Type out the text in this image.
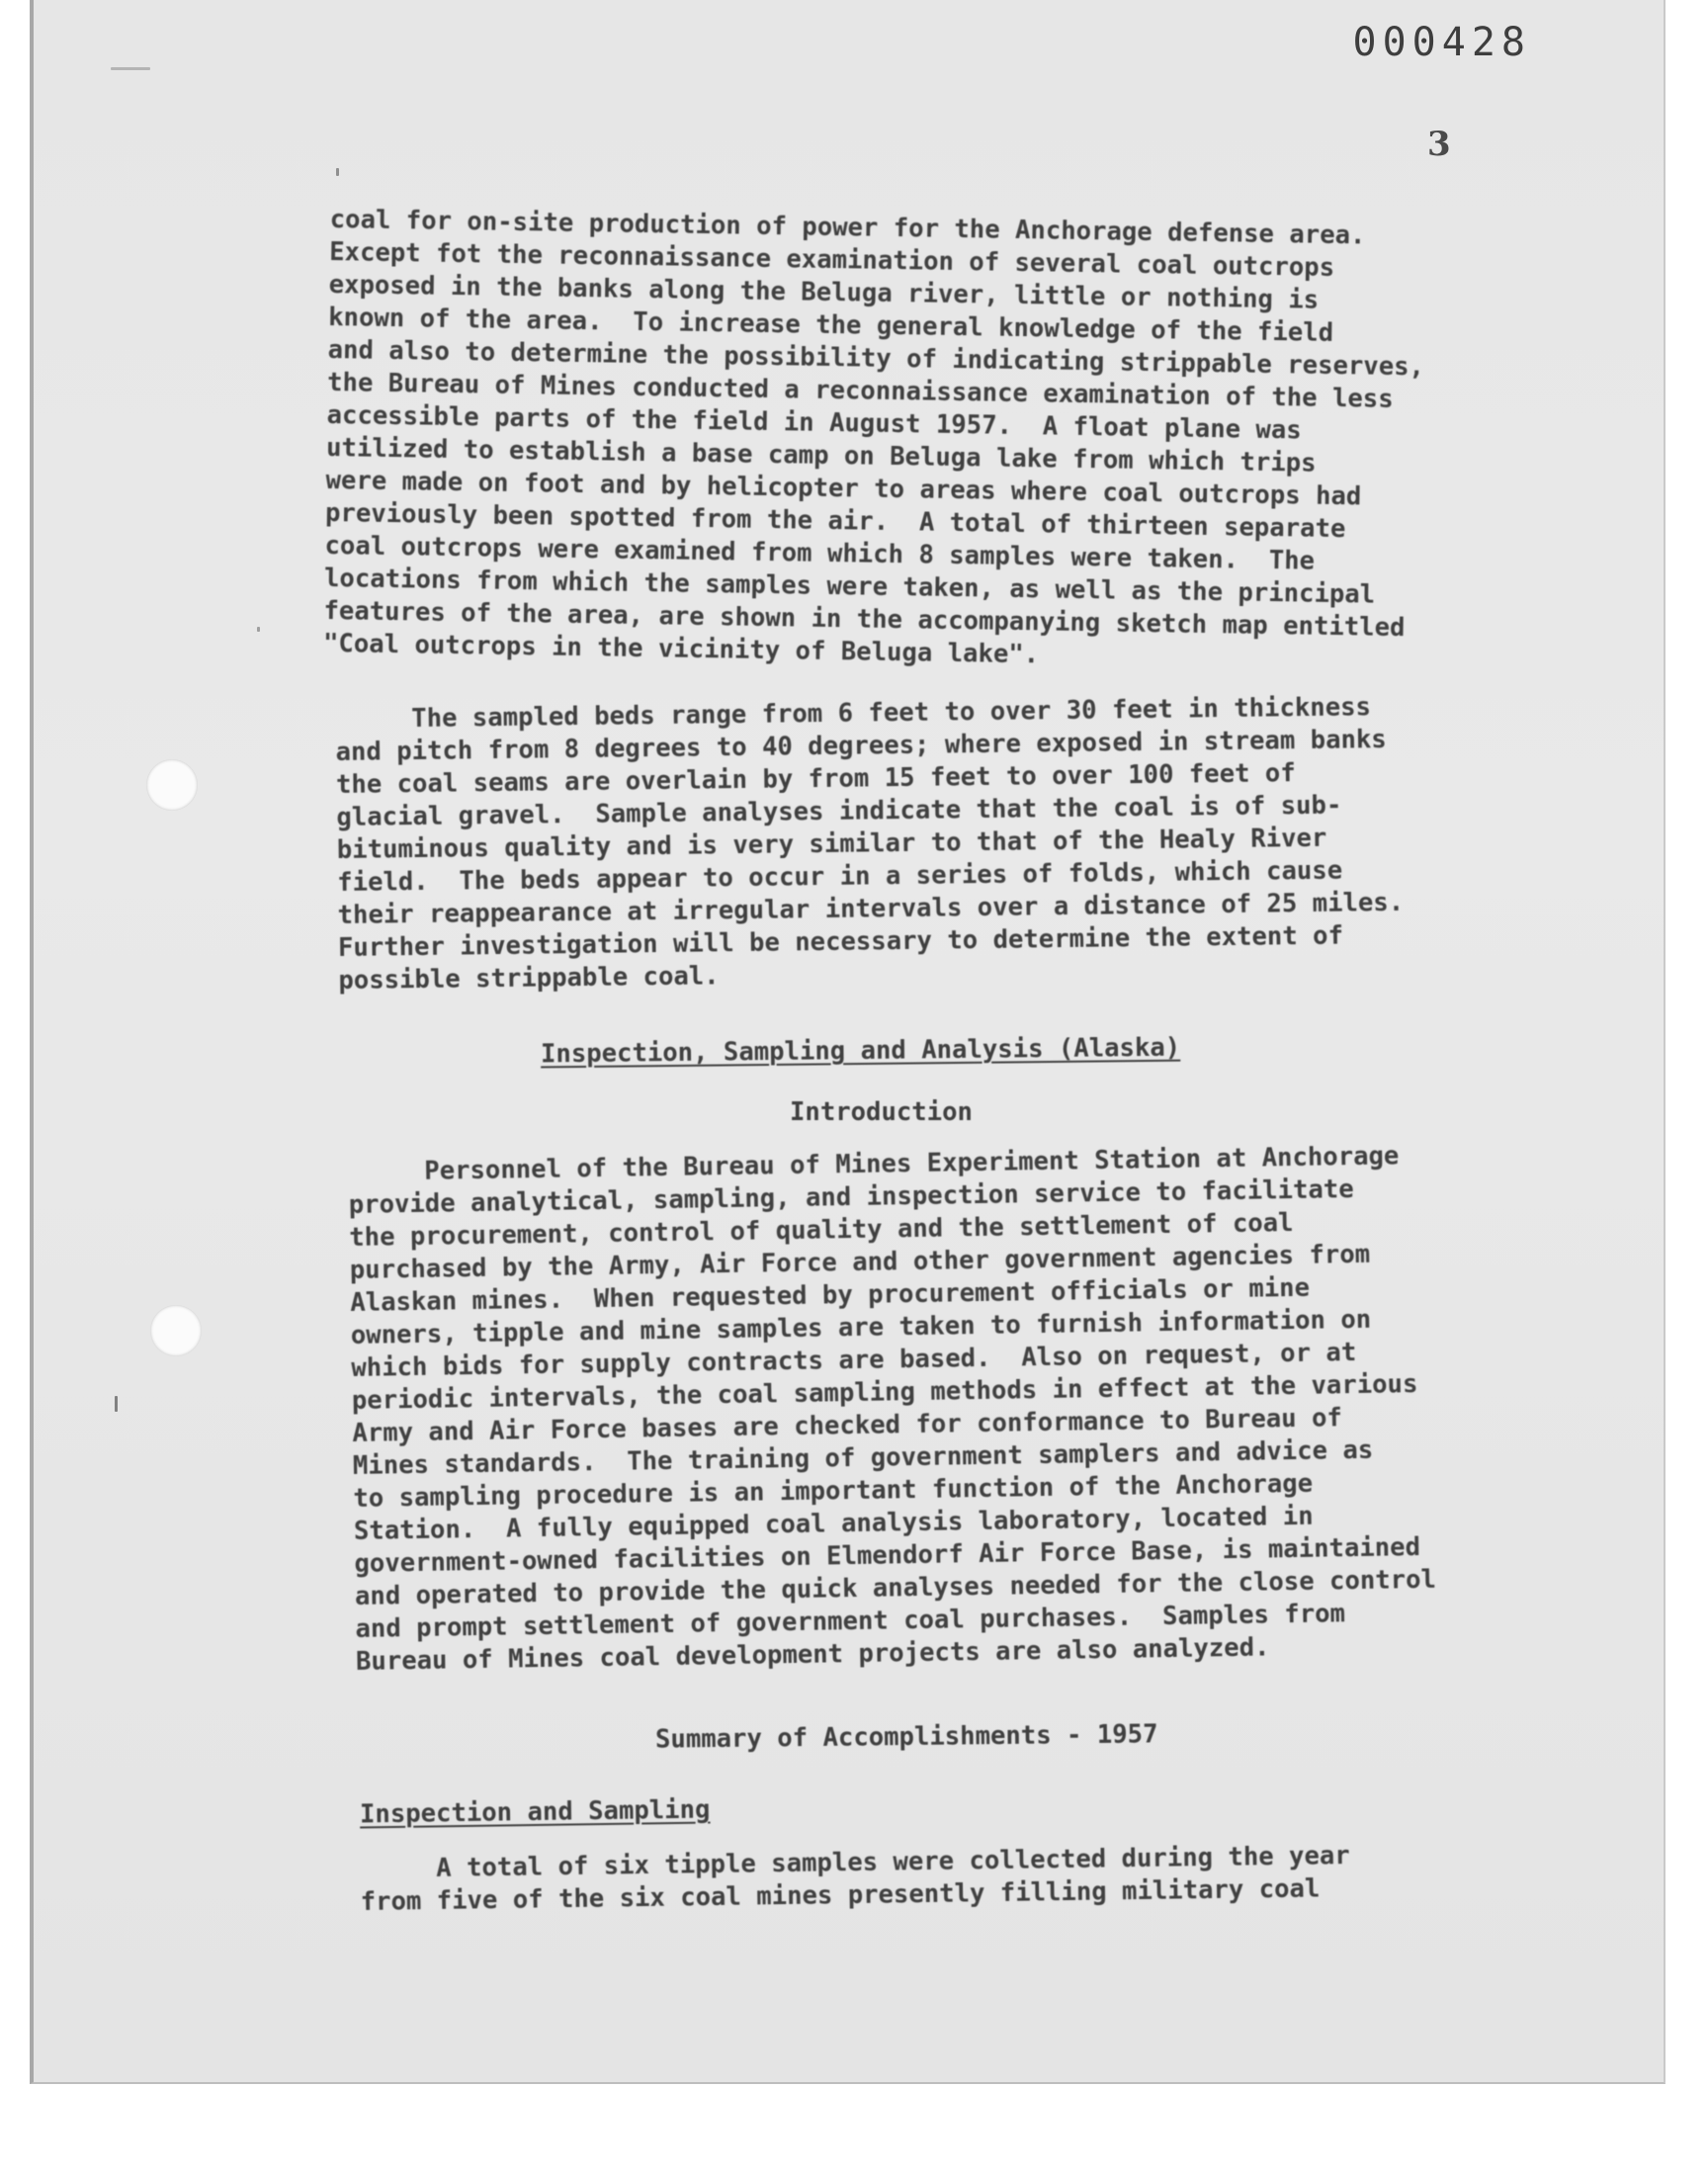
000428
3
coal for on-site production of power for the Anchorage defense area.
Except fot the reconnaissance examination of several coal outcrops
exposed in the banks along the Beluga river, little or nothing is
known of the area.  To increase the general knowledge of the field
and also to determine the possibility of indicating strippable reserves,
the Bureau of Mines conducted a reconnaissance examination of the less
accessible parts of the field in August 1957.  A float plane was
utilized to establish a base camp on Beluga lake from which trips
were made on foot and by helicopter to areas where coal outcrops had
previously been spotted from the air.  A total of thirteen separate
coal outcrops were examined from which 8 samples were taken.  The
locations from which the samples were taken, as well as the principal
features of the area, are shown in the accompanying sketch map entitled
"Coal outcrops in the vicinity of Beluga lake".
The sampled beds range from 6 feet to over 30 feet in thickness
and pitch from 8 degrees to 40 degrees; where exposed in stream banks
the coal seams are overlain by from 15 feet to over 100 feet of
glacial gravel.  Sample analyses indicate that the coal is of sub-
bituminous quality and is very similar to that of the Healy River
field.  The beds appear to occur in a series of folds, which cause
their reappearance at irregular intervals over a distance of 25 miles.
Further investigation will be necessary to determine the extent of
possible strippable coal.
Inspection, Sampling and Analysis (Alaska)
Introduction
Personnel of the Bureau of Mines Experiment Station at Anchorage
provide analytical, sampling, and inspection service to facilitate
the procurement, control of quality and the settlement of coal
purchased by the Army, Air Force and other government agencies from
Alaskan mines.  When requested by procurement officials or mine
owners, tipple and mine samples are taken to furnish information on
which bids for supply contracts are based.  Also on request, or at
periodic intervals, the coal sampling methods in effect at the various
Army and Air Force bases are checked for conformance to Bureau of
Mines standards.  The training of government samplers and advice as
to sampling procedure is an important function of the Anchorage
Station.  A fully equipped coal analysis laboratory, located in
government-owned facilities on Elmendorf Air Force Base, is maintained
and operated to provide the quick analyses needed for the close control
and prompt settlement of government coal purchases.  Samples from
Bureau of Mines coal development projects are also analyzed.
Summary of Accomplishments - 1957
Inspection and Sampling
A total of six tipple samples were collected during the year
from five of the six coal mines presently filling military coal
